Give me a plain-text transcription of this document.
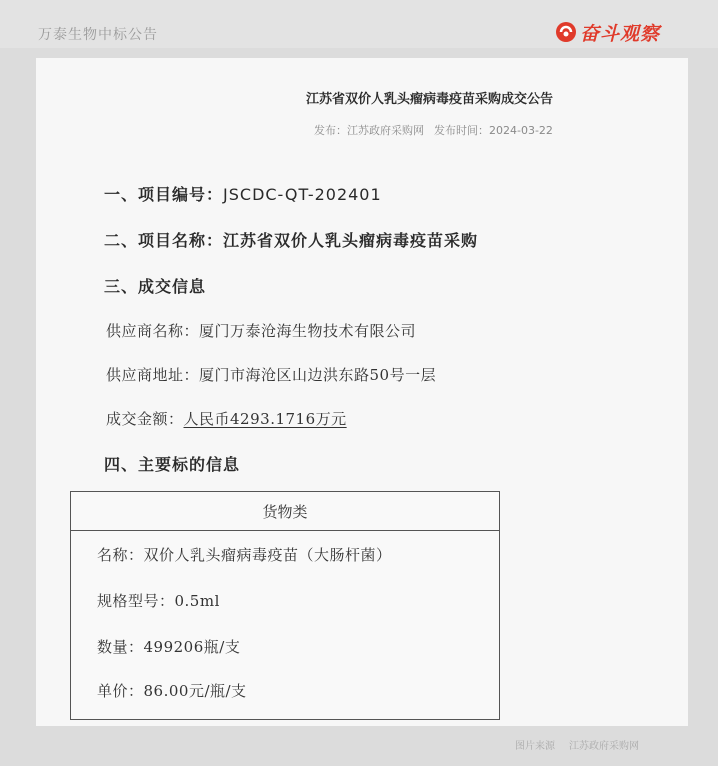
万泰生物中标公告	奋斗观察
江苏省双价人乳头瘤病毒疫苗采购成交公告
发布：江苏政府采购网 发布时间：2024-03-22
一、项目编号：JSCDC-QT-202401
二、项目名称：江苏省双价人乳头瘤病毒疫苗采购
三、成交信息
供应商名称：厦门万泰沧海生物技术有限公司
供应商地址：厦门市海沧区山边洪东路50号一层
成交金额：人民币4293.1716万元
四、主要标的信息
货物类
名称：双价人乳头瘤病毒疫苗（大肠杆菌）
规格型号：0.5ml
数量：499206瓶/支
单价：86.00元/瓶/支
图片来源 江苏政府采购网
